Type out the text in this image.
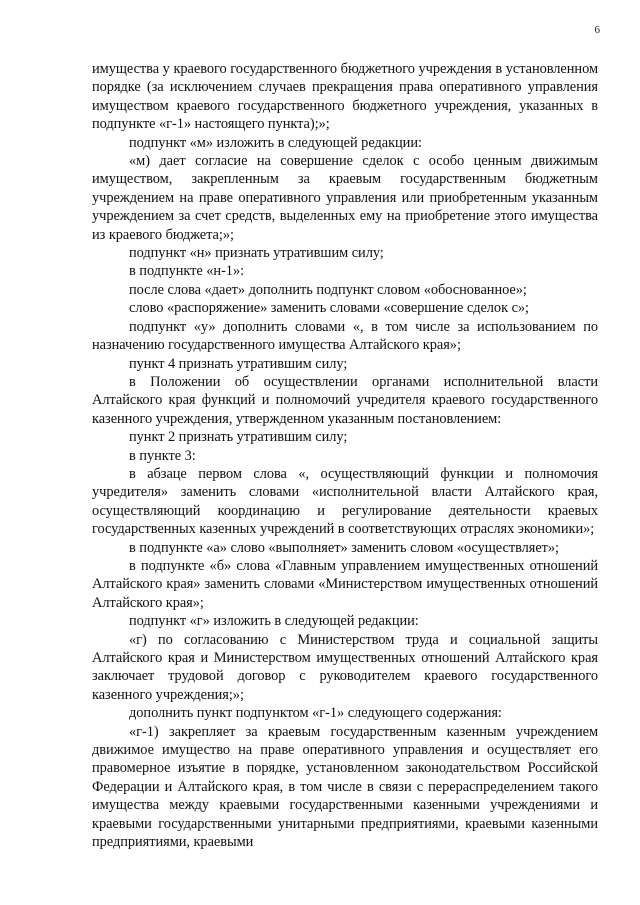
6

имущества у краевого государственного бюджетного учреждения в установленном порядке (за исключением случаев прекращения права оперативного управления имуществом краевого государственного бюджетного учреждения, указанных в подпункте «г-1» настоящего пункта);»;

подпункт «м» изложить в следующей редакции:

«м) дает согласие на совершение сделок с особо ценным движимым имуществом, закрепленным за краевым государственным бюджетным учреждением на праве оперативного управления или приобретенным указанным учреждением за счет средств, выделенных ему на приобретение этого имущества из краевого бюджета;»;

подпункт «н» признать утратившим силу;

в подпункте «н-1»:

после слова «дает» дополнить подпункт словом «обоснованное»;

слово «распоряжение» заменить словами «совершение сделок с»;

подпункт «у» дополнить словами «, в том числе за использованием по назначению государственного имущества Алтайского края»;

пункт 4 признать утратившим силу;

в Положении об осуществлении органами исполнительной власти Алтайского края функций и полномочий учредителя краевого государственного казенного учреждения, утвержденном указанным постановлением:

пункт 2 признать утратившим силу;

в пункте 3:

в абзаце первом слова «, осуществляющий функции и полномочия учредителя» заменить словами «исполнительной власти Алтайского края, осуществляющий координацию и регулирование деятельности краевых государственных казенных учреждений в соответствующих отраслях экономики»;

в подпункте «а» слово «выполняет» заменить словом «осуществляет»;

в подпункте «б» слова «Главным управлением имущественных отношений Алтайского края» заменить словами «Министерством имущественных отношений Алтайского края»;

подпункт «г» изложить в следующей редакции:

«г) по согласованию с Министерством труда и социальной защиты Алтайского края и Министерством имущественных отношений Алтайского края заключает трудовой договор с руководителем краевого государственного казенного учреждения;»;

дополнить пункт подпунктом «г-1» следующего содержания:

«г-1) закрепляет за краевым государственным казенным учреждением движимое имущество на праве оперативного управления и осуществляет его правомерное изъятие в порядке, установленном законодательством Российской Федерации и Алтайского края, в том числе в связи с перераспределением такого имущества между краевыми государственными казенными учреждениями и краевыми государственными унитарными предприятиями, краевыми казенными предприятиями, краевыми
